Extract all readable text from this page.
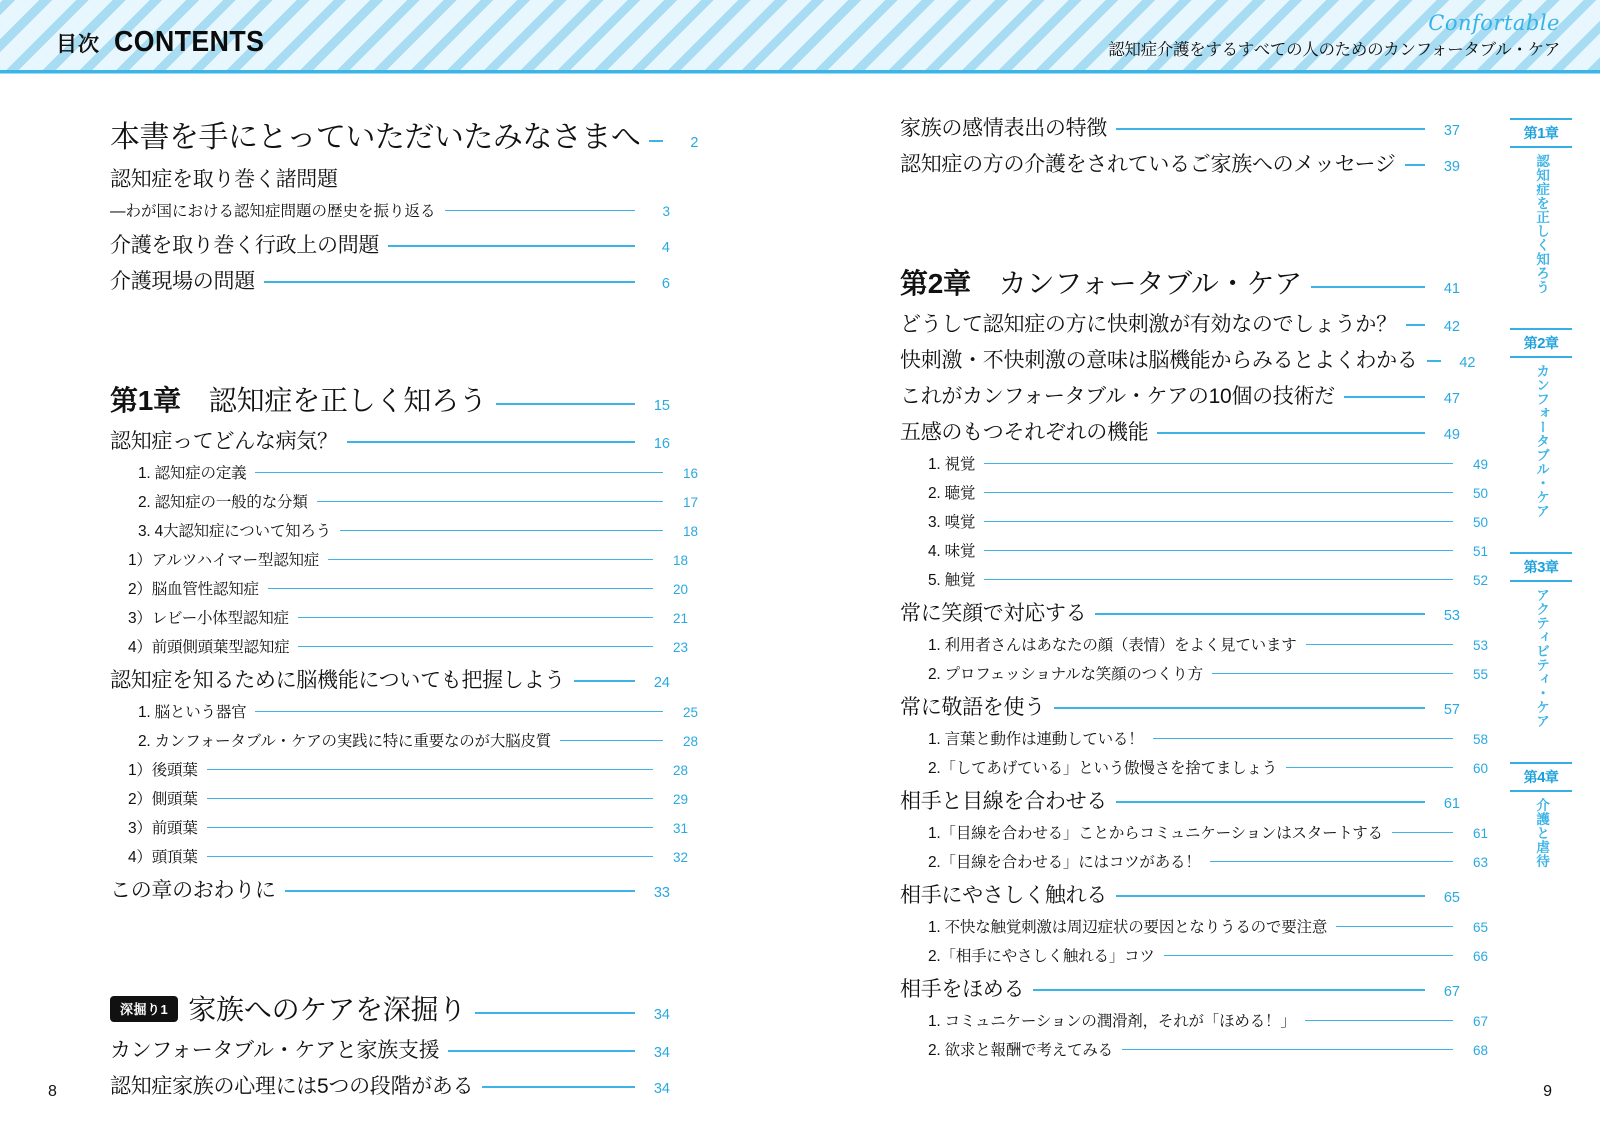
目次 CONTENTS
Confortable
認知症介護をするすべての人のためのカンフォータブル・ケア
本書を手にとっていただいたみなさまへ	2
認知症を取り巻く諸問題
―わが国における認知症問題の歴史を振り返る	3
介護を取り巻く行政上の問題	4
介護現場の問題	6
第1章　 認知症を正しく知ろう	15
認知症ってどんな病気？	16
1. 認知症の定義	16
2. 認知症の一般的な分類	17
3. 4大認知症について知ろう	18
1）アルツハイマー型認知症	18
2）脳血管性認知症	20
3）レビー小体型認知症	21
4）前頭側頭葉型認知症	23
認知症を知るために脳機能についても把握しよう	24
1. 脳という器官	25
2. カンフォータブル・ケアの実践に特に重要なのが大脳皮質	28
1）後頭葉	28
2）側頭葉	29
3）前頭葉	31
4）頭頂葉	32
この章のおわりに	33
深掘り1 家族へのケアを深掘り	34
カンフォータブル・ケアと家族支援	34
認知症家族の心理には5つの段階がある	34
家族の感情表出の特徴	37
認知症の方の介護をされているご家族へのメッセージ	39
第2章　 カンフォータブル・ケア	41
どうして認知症の方に快刺激が有効なのでしょうか？	42
快刺激・不快刺激の意味は脳機能からみるとよくわかる	42
これがカンフォータブル・ケアの10個の技術だ	47
五感のもつそれぞれの機能	49
1. 視覚	49
2. 聴覚	50
3. 嗅覚	50
4. 味覚	51
5. 触覚	52
常に笑顔で対応する	53
1. 利用者さんはあなたの顔（表情）をよく見ています	53
2. プロフェッショナルな笑顔のつくり方	55
常に敬語を使う	57
1. 言葉と動作は連動している！	58
2.「してあげている」という傲慢さを捨てましょう	60
相手と目線を合わせる	61
1.「目線を合わせる」ことからコミュニケーションはスタートする	61
2.「目線を合わせる」にはコツがある！	63
相手にやさしく触れる	65
1. 不快な触覚刺激は周辺症状の要因となりうるので要注意	65
2.「相手にやさしく触れる」コツ	66
相手をほめる	67
1. コミュニケーションの潤滑剤，それが「ほめる！」	67
2. 欲求と報酬で考えてみる	68
第1章
認知症を正しく知ろう
第2章
カンフォータブル・ケア
第3章
アクティビティ・ケア
第4章
介護と虐待
8	9
